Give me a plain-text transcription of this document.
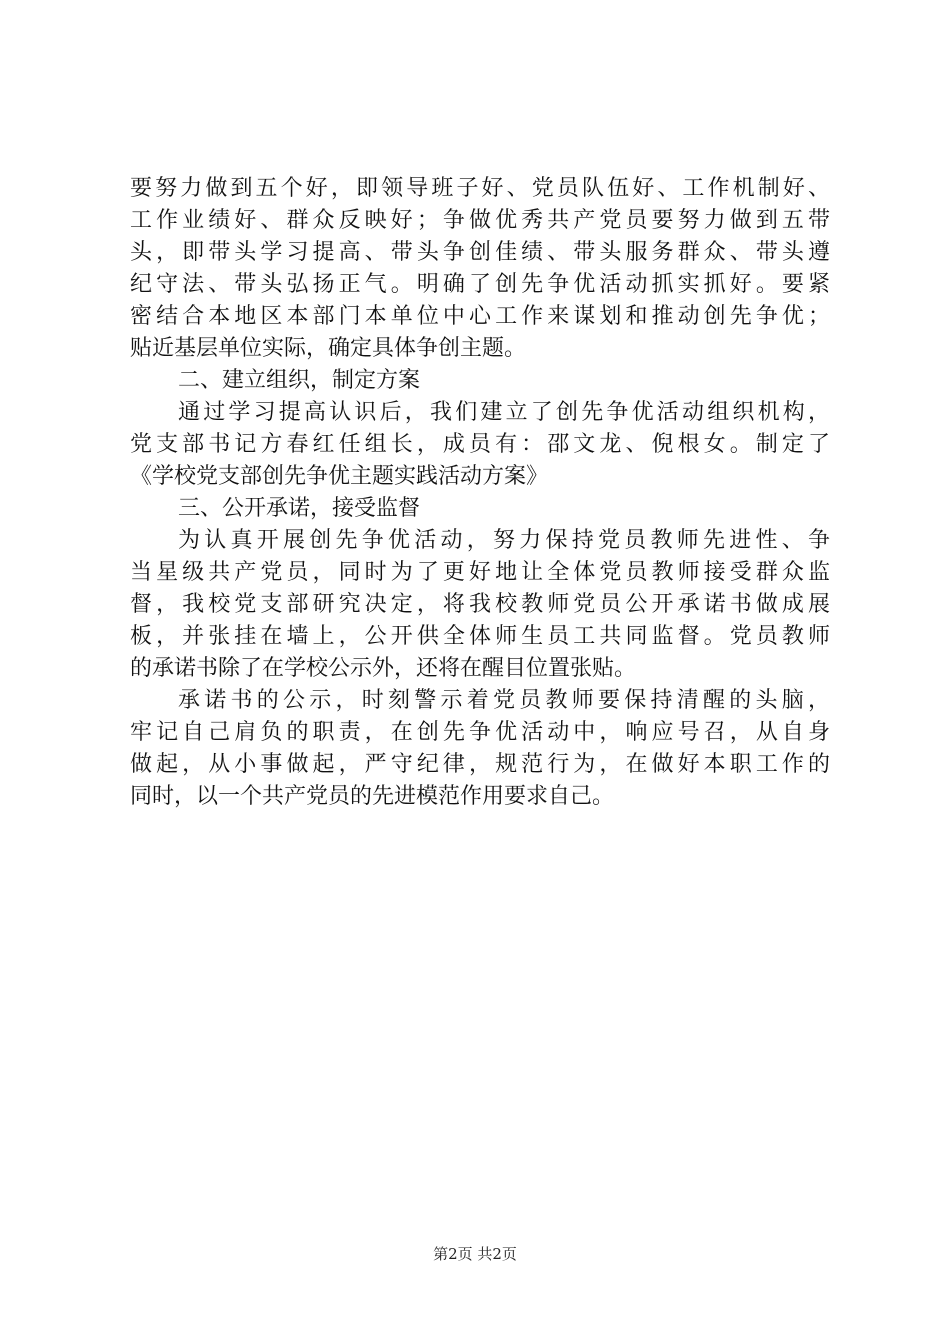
要努力做到五个好，即领导班子好、党员队伍好、工作机制好、
工作业绩好、群众反映好；争做优秀共产党员要努力做到五带
头，即带头学习提高、带头争创佳绩、带头服务群众、带头遵
纪守法、带头弘扬正气。明确了创先争优活动抓实抓好。要紧
密结合本地区本部门本单位中心工作来谋划和推动创先争优；
贴近基层单位实际，确定具体争创主题。
二、建立组织，制定方案
通过学习提高认识后，我们建立了创先争优活动组织机构，
党支部书记方春红任组长，成员有：邵文龙、倪根女。制定了
《学校党支部创先争优主题实践活动方案》
三、公开承诺，接受监督
为认真开展创先争优活动，努力保持党员教师先进性、争
当星级共产党员，同时为了更好地让全体党员教师接受群众监
督，我校党支部研究决定，将我校教师党员公开承诺书做成展
板，并张挂在墙上，公开供全体师生员工共同监督。党员教师
的承诺书除了在学校公示外，还将在醒目位置张贴。
承诺书的公示，时刻警示着党员教师要保持清醒的头脑，
牢记自己肩负的职责，在创先争优活动中，响应号召，从自身
做起，从小事做起，严守纪律，规范行为，在做好本职工作的
同时，以一个共产党员的先进模范作用要求自己。
第2页 共2页
